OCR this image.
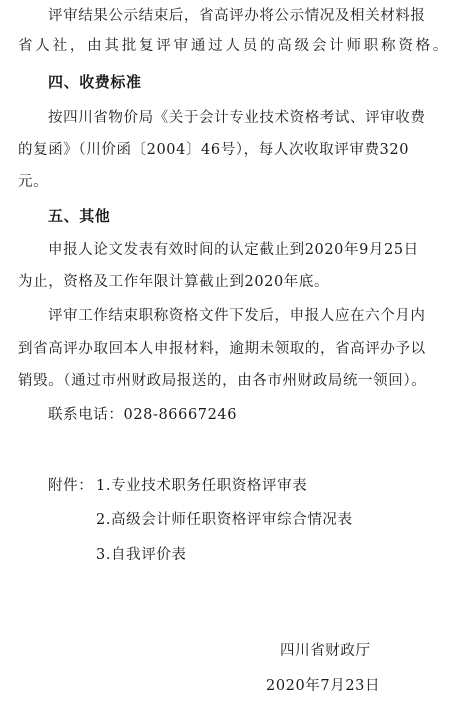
评审结果公示结束后，省高评办将公示情况及相关材料报
省人社，由其批复评审通过人员的高级会计师职称资格。
四、收费标准
按四川省物价局《关于会计专业技术资格考试、评审收费
的复函》（川价函〔2004〕46号），每人次收取评审费320
元。
五、其他
申报人论文发表有效时间的认定截止到2020年9月25日
为止，资格及工作年限计算截止到2020年底。
评审工作结束职称资格文件下发后，申报人应在六个月内
到省高评办取回本人申报材料，逾期未领取的，省高评办予以
销毁。（通过市州财政局报送的，由各市州财政局统一领回）。
联系电话：028-86667246
附件： 1.专业技术职务任职资格评审表
2.高级会计师任职资格评审综合情况表
3.自我评价表
四川省财政厅
2020年7月23日
